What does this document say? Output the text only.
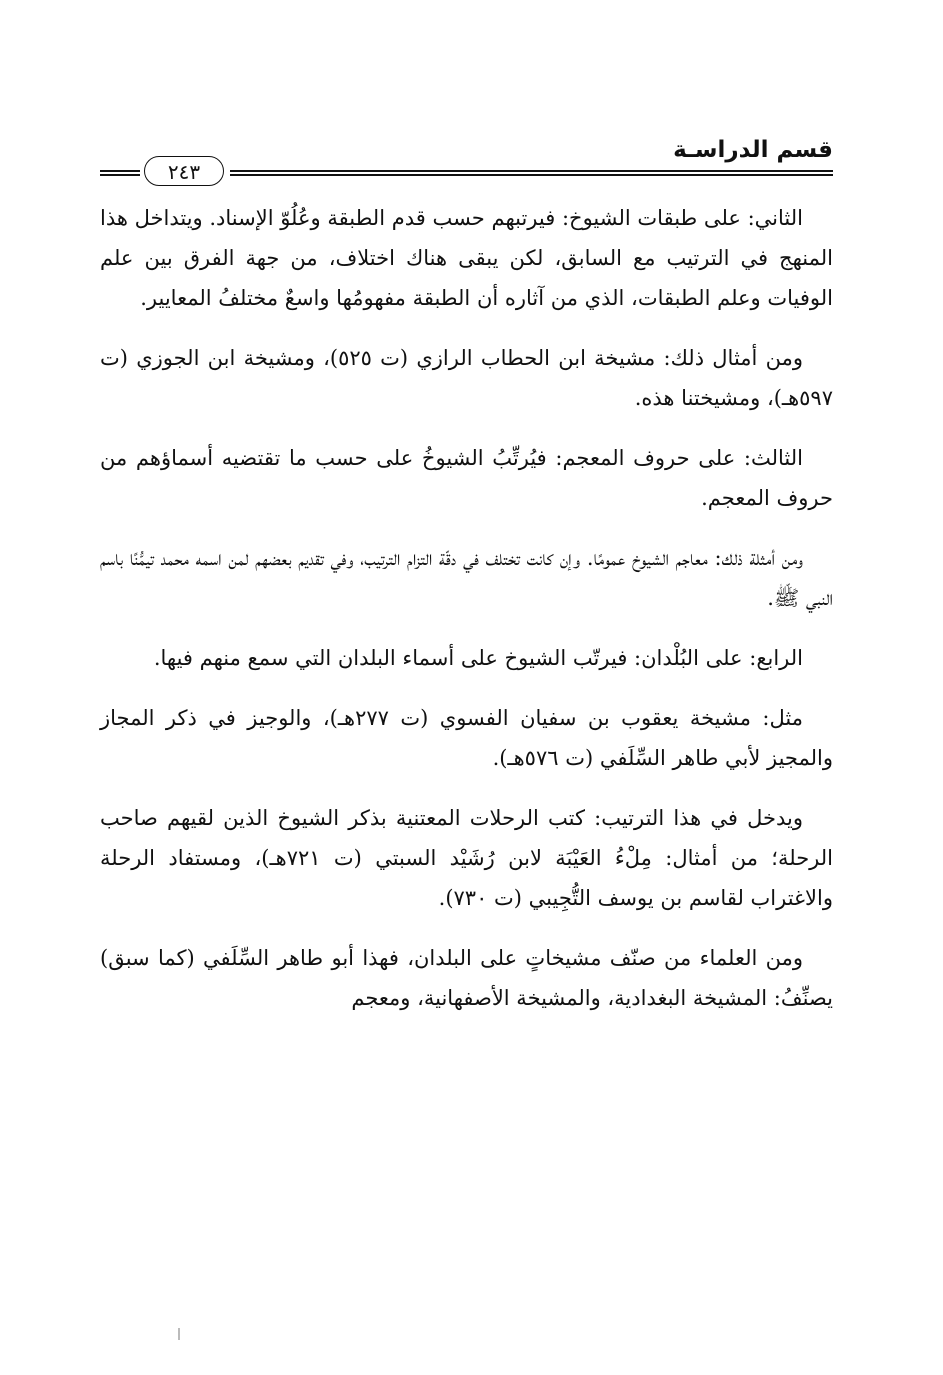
قسم الدراسـة
٢٤٣

الثاني: على طبقات الشيوخ: فيرتبهم حسب قدم الطبقة وعُلُوّ الإسناد. ويتداخل هذا المنهج في الترتيب مع السابق، لكن يبقى هناك اختلاف، من جهة الفرق بين علم الوفيات وعلم الطبقات، الذي من آثاره أن الطبقة مفهومُها واسعٌ مختلفُ المعايير.

ومن أمثال ذلك: مشيخة ابن الحطاب الرازي (ت ٥٢٥)، ومشيخة ابن الجوزي (ت ٥٩٧هـ)، ومشيختنا هذه.

الثالث: على حروف المعجم: فيُرتِّبُ الشيوخُ على حسب ما تقتضيه أسماؤهم من حروف المعجم.

ومن أمثلة ذلك: معاجم الشيوخ عمومًا. وإن كانت تختلف في دقّة التزام الترتيب، وفي تقديم بعضهم لمن اسمه محمد تيمُّنًا باسم النبي ﷺ.

الرابع: على البُلْدان: فيرتّب الشيوخ على أسماء البلدان التي سمع منهم فيها.

مثل: مشيخة يعقوب بن سفيان الفسوي (ت ٢٧٧هـ)، والوجيز في ذكر المجاز والمجيز لأبي طاهر السِّلَفي (ت ٥٧٦هـ).

ويدخل في هذا الترتيب: كتب الرحلات المعتنية بذكر الشيوخ الذين لقيهم صاحب الرحلة؛ من أمثال: مِلْءُ العَيْبَة لابن رُشَيْد السبتي (ت ٧٢١هـ)، ومستفاد الرحلة والاغتراب لقاسم بن يوسف التُّجِيبي (ت ٧٣٠).

ومن العلماء من صنّف مشيخاتٍ على البلدان، فهذا أبو طاهر السِّلَفي (كما سبق) يصنِّفُ: المشيخة البغدادية، والمشيخة الأصفهانية، ومعجم
